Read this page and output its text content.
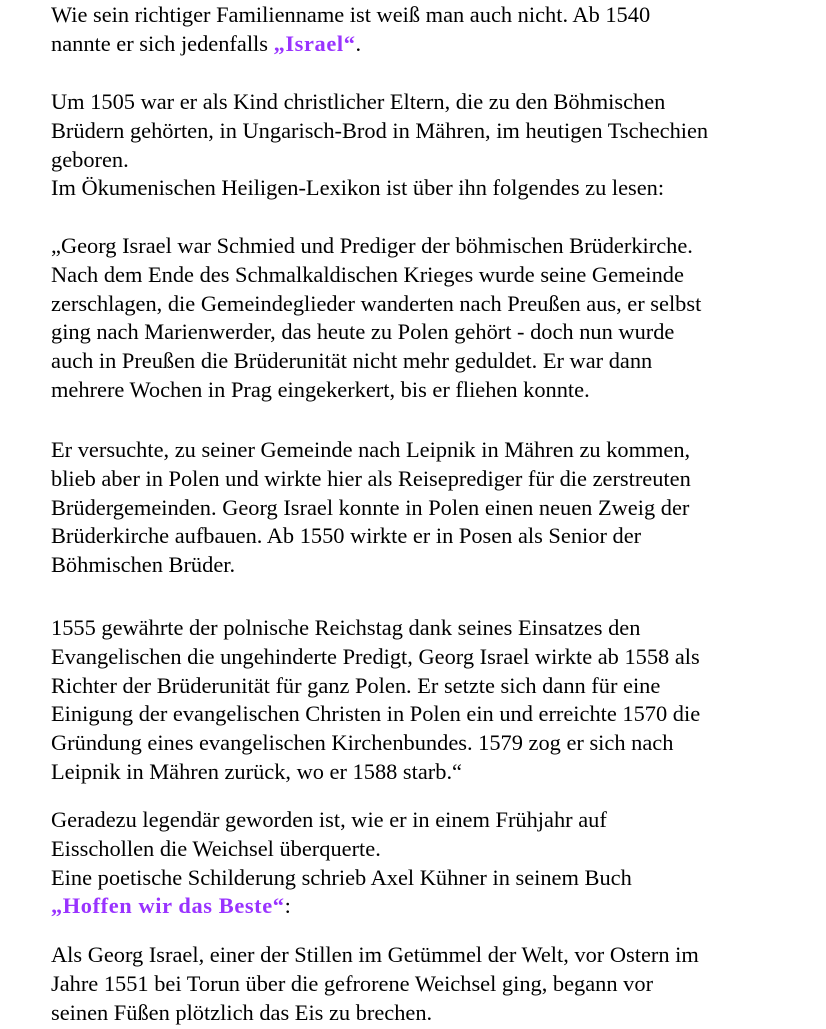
Wie sein richtiger Familienname ist weiß man auch nicht. Ab 1540
nannte er sich jedenfalls „Israel“.

Um 1505 war er als Kind christlicher Eltern, die zu den Böhmischen
Brüdern gehörten, in Ungarisch-Brod in Mähren, im heutigen Tschechien
geboren.
Im Ökumenischen Heiligen-Lexikon ist über ihn folgendes zu lesen:

„Georg Israel war Schmied und Prediger der böhmischen Brüderkirche.
Nach dem Ende des Schmalkaldischen Krieges wurde seine Gemeinde
zerschlagen, die Gemeindeglieder wanderten nach Preußen aus, er selbst
ging nach Marienwerder, das heute zu Polen gehört - doch nun wurde
auch in Preußen die Brüderunität nicht mehr geduldet. Er war dann
mehrere Wochen in Prag eingekerkert, bis er fliehen konnte.

Er versuchte, zu seiner Gemeinde nach Leipnik in Mähren zu kommen,
blieb aber in Polen und wirkte hier als Reiseprediger für die zerstreuten
Brüdergemeinden. Georg Israel konnte in Polen einen neuen Zweig der
Brüderkirche aufbauen. Ab 1550 wirkte er in Posen als Senior der
Böhmischen Brüder.

1555 gewährte der polnische Reichstag dank seines Einsatzes den
Evangelischen die ungehinderte Predigt, Georg Israel wirkte ab 1558 als
Richter der Brüderunität für ganz Polen. Er setzte sich dann für eine
Einigung der evangelischen Christen in Polen ein und erreichte 1570 die
Gründung eines evangelischen Kirchenbundes. 1579 zog er sich nach
Leipnik in Mähren zurück, wo er 1588 starb.“

Geradezu legendär geworden ist, wie er in einem Frühjahr auf
Eisschollen die Weichsel überquerte.
Eine poetische Schilderung schrieb Axel Kühner in seinem Buch
„Hoffen wir das Beste“:

Als Georg Israel, einer der Stillen im Getümmel der Welt, vor Ostern im
Jahre 1551 bei Torun über die gefrorene Weichsel ging, begann vor
seinen Füßen plötzlich das Eis zu brechen.
